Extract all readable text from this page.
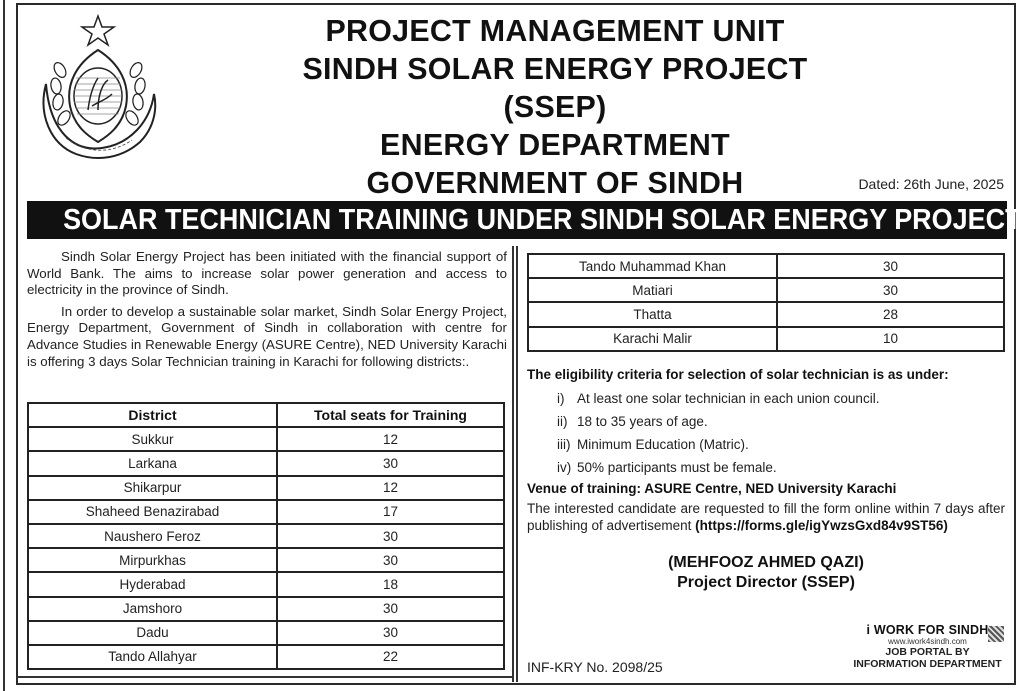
PROJECT MANAGEMENT UNIT
SINDH SOLAR ENERGY PROJECT (SSEP)
ENERGY DEPARTMENT
GOVERNMENT OF SINDH	Dated: 26th June, 2025
SOLAR TECHNICIAN TRAINING UNDER SINDH SOLAR ENERGY PROJECT

Sindh Solar Energy Project has been initiated with the financial support of World Bank. The aims to increase solar power generation and access to electricity in the province of Sindh.

In order to develop a sustainable solar market, Sindh Solar Energy Project, Energy Department, Government of Sindh in collaboration with centre for Advance Studies in Renewable Energy (ASURE Centre), NED University Karachi is offering 3 days Solar Technician training in Karachi for following districts:.

District	Total seats for Training
Sukkur	12
Larkana	30
Shikarpur	12
Shaheed Benazirabad	17
Naushero Feroz	30
Mirpurkhas	30
Hyderabad	18
Jamshoro	30
Dadu	30
Tando Allahyar	22
Tando Muhammad Khan	30
Matiari	30
Thatta	28
Karachi Malir	10
The eligibility criteria for selection of solar technician is as under:
i) At least one solar technician in each union council.
ii) 18 to 35 years of age.
iii) Minimum Education (Matric).
iv) 50% participants must be female.
Venue of training: ASURE Centre, NED University Karachi
The interested candidate are requested to fill the form online within 7 days after publishing of advertisement (https://forms.gle/igYwzsGxd84v9ST56)
(MEHFOOZ AHMED QAZI)
Project Director (SSEP)
INF-KRY No. 2098/25
i WORK FOR SINDH
www.iwork4sindh.com
JOB PORTAL BY
INFORMATION DEPARTMENT
